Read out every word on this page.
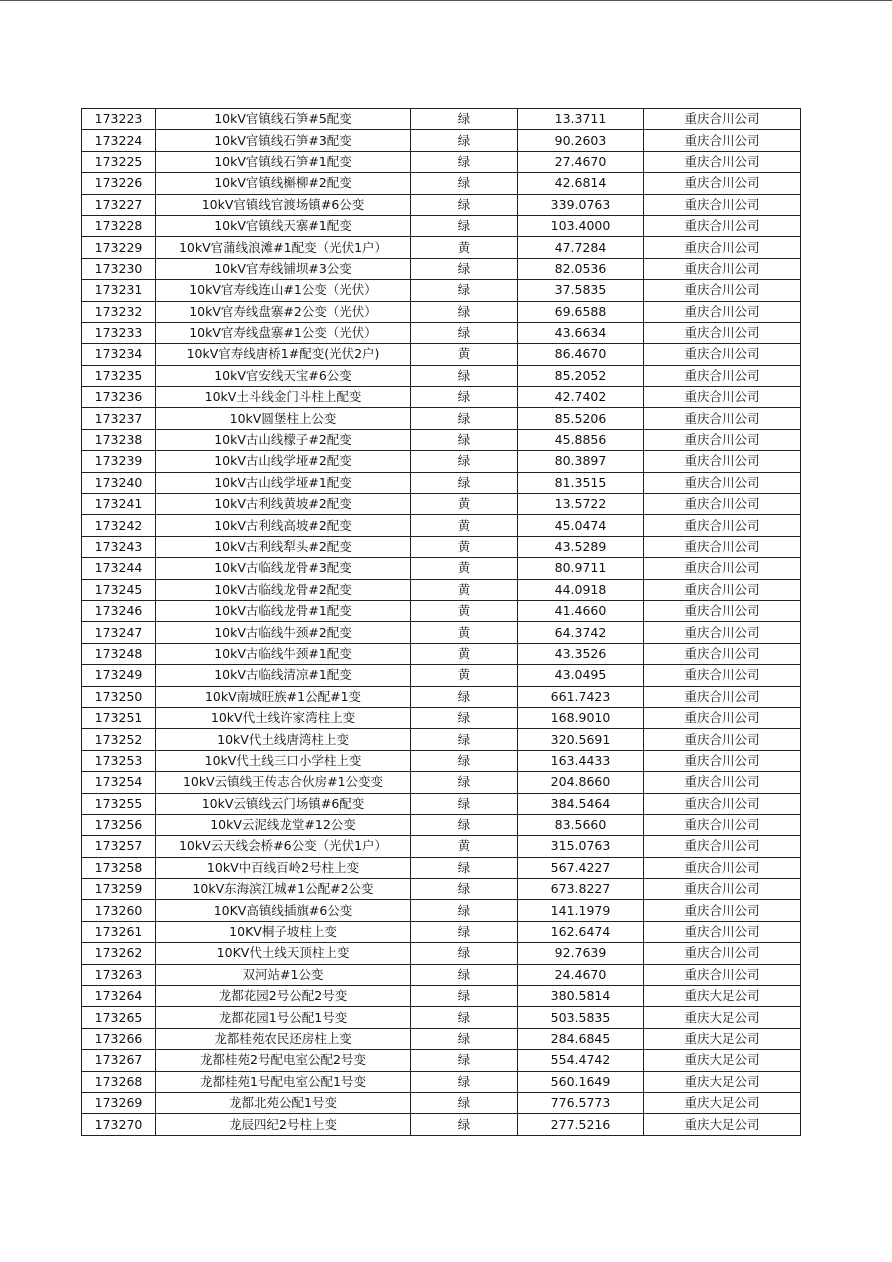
173223	10kV官镇线石笋#5配变	绿	13.3711	重庆合川公司
173224	10kV官镇线石笋#3配变	绿	90.2603	重庆合川公司
173225	10kV官镇线石笋#1配变	绿	27.4670	重庆合川公司
173226	10kV官镇线槲柳#2配变	绿	42.6814	重庆合川公司
173227	10kV官镇线官渡场镇#6公变	绿	339.0763	重庆合川公司
173228	10kV官镇线天寨#1配变	绿	103.4000	重庆合川公司
173229	10kV官蒲线浪滩#1配变（光伏1户）	黄	47.7284	重庆合川公司
173230	10kV官寿线铺坝#3公变	绿	82.0536	重庆合川公司
173231	10kV官寿线连山#1公变（光伏）	绿	37.5835	重庆合川公司
173232	10kV官寿线盘寨#2公变（光伏）	绿	69.6588	重庆合川公司
173233	10kV官寿线盘寨#1公变（光伏）	绿	43.6634	重庆合川公司
173234	10kV官寿线唐桥1#配变(光伏2户)	黄	86.4670	重庆合川公司
173235	10kV官安线天宝#6公变	绿	85.2052	重庆合川公司
173236	10kV土斗线金门斗柱上配变	绿	42.7402	重庆合川公司
173237	10kV圆堡柱上公变	绿	85.5206	重庆合川公司
173238	10kV古山线檬子#2配变	绿	45.8856	重庆合川公司
173239	10kV古山线学垭#2配变	绿	80.3897	重庆合川公司
173240	10kV古山线学垭#1配变	绿	81.3515	重庆合川公司
173241	10kV古利线黄坡#2配变	黄	13.5722	重庆合川公司
173242	10kV古利线高坡#2配变	黄	45.0474	重庆合川公司
173243	10kV古利线犁头#2配变	黄	43.5289	重庆合川公司
173244	10kV古临线龙骨#3配变	黄	80.9711	重庆合川公司
173245	10kV古临线龙骨#2配变	黄	44.0918	重庆合川公司
173246	10kV古临线龙骨#1配变	黄	41.4660	重庆合川公司
173247	10kV古临线牛颈#2配变	黄	64.3742	重庆合川公司
173248	10kV古临线牛颈#1配变	黄	43.3526	重庆合川公司
173249	10kV古临线清凉#1配变	黄	43.0495	重庆合川公司
173250	10kV南城旺族#1公配#1变	绿	661.7423	重庆合川公司
173251	10kV代土线许家湾柱上变	绿	168.9010	重庆合川公司
173252	10kV代土线唐湾柱上变	绿	320.5691	重庆合川公司
173253	10kV代土线三口小学柱上变	绿	163.4433	重庆合川公司
173254	10kV云镇线王传志合伙房#1公变变	绿	204.8660	重庆合川公司
173255	10kV云镇线云门场镇#6配变	绿	384.5464	重庆合川公司
173256	10kV云泥线龙堂#12公变	绿	83.5660	重庆合川公司
173257	10kV云天线会桥#6公变（光伏1户）	黄	315.0763	重庆合川公司
173258	10kV中百线百岭2号柱上变	绿	567.4227	重庆合川公司
173259	10kV东海滨江城#1公配#2公变	绿	673.8227	重庆合川公司
173260	10KV高镇线插旗#6公变	绿	141.1979	重庆合川公司
173261	10KV桐子坡柱上变	绿	162.6474	重庆合川公司
173262	10KV代土线天顶柱上变	绿	92.7639	重庆合川公司
173263	双河站#1公变	绿	24.4670	重庆合川公司
173264	龙都花园2号公配2号变	绿	380.5814	重庆大足公司
173265	龙都花园1号公配1号变	绿	503.5835	重庆大足公司
173266	龙都桂苑农民还房柱上变	绿	284.6845	重庆大足公司
173267	龙都桂苑2号配电室公配2号变	绿	554.4742	重庆大足公司
173268	龙都桂苑1号配电室公配1号变	绿	560.1649	重庆大足公司
173269	龙都北苑公配1号变	绿	776.5773	重庆大足公司
173270	龙辰四纪2号柱上变	绿	277.5216	重庆大足公司
